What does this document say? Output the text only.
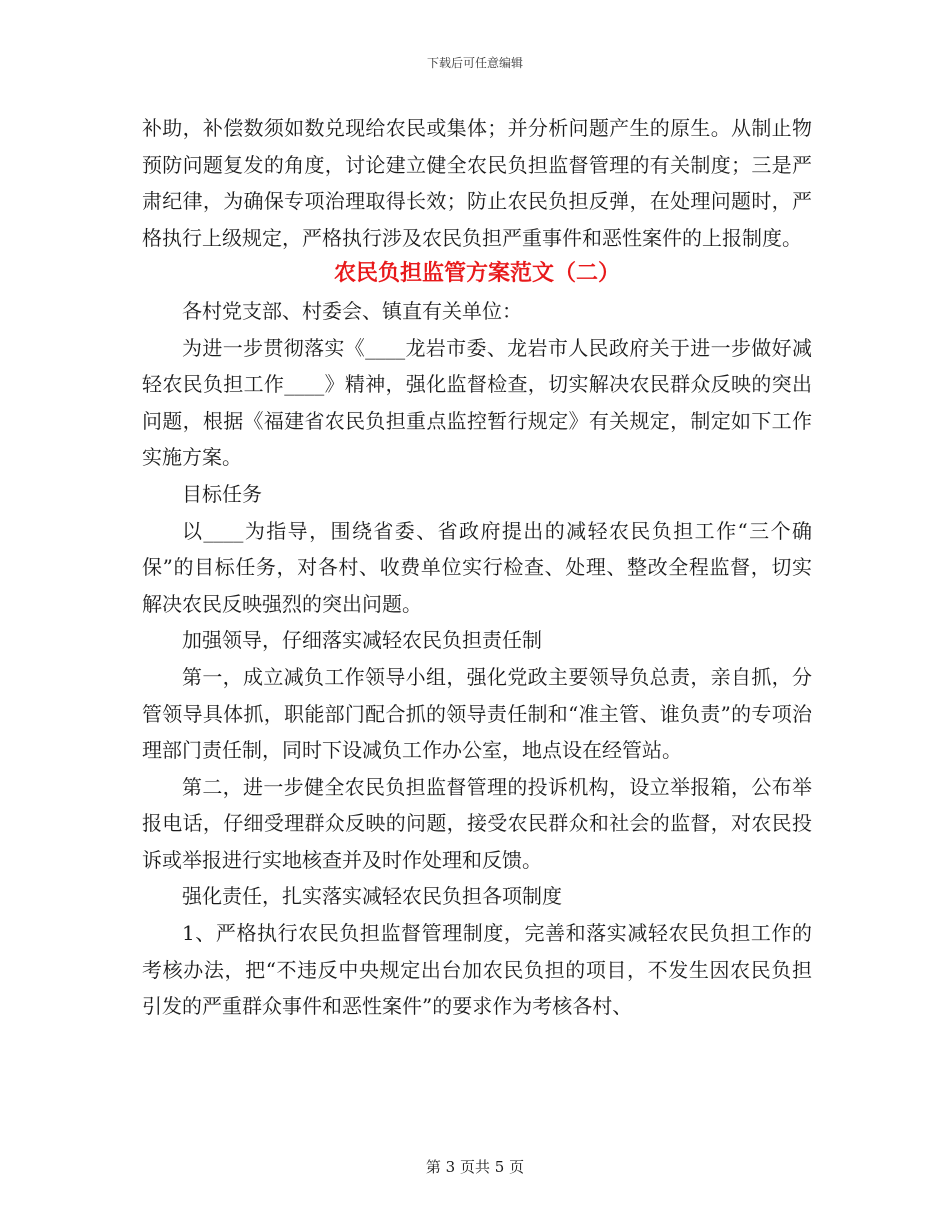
下载后可任意编辑

补助，补偿数须如数兑现给农民或集体；并分析问题产生的原生。从制止物预防问题复发的角度，讨论建立健全农民负担监督管理的有关制度；三是严肃纪律，为确保专项治理取得长效；防止农民负担反弹，在处理问题时，严格执行上级规定，严格执行涉及农民负担严重事件和恶性案件的上报制度。

农民负担监管方案范文（二）

各村党支部、村委会、镇直有关单位：

为进一步贯彻落实《____龙岩市委、龙岩市人民政府关于进一步做好减轻农民负担工作____》精神，强化监督检查，切实解决农民群众反映的突出问题，根据《福建省农民负担重点监控暂行规定》有关规定，制定如下工作实施方案。

目标任务

以____为指导，围绕省委、省政府提出的减轻农民负担工作“三个确保”的目标任务，对各村、收费单位实行检查、处理、整改全程监督，切实解决农民反映强烈的突出问题。

加强领导，仔细落实减轻农民负担责任制

第一，成立减负工作领导小组，强化党政主要领导负总责，亲自抓，分管领导具体抓，职能部门配合抓的领导责任制和“准主管、谁负责”的专项治理部门责任制，同时下设减负工作办公室，地点设在经管站。

第二，进一步健全农民负担监督管理的投诉机构，设立举报箱，公布举报电话，仔细受理群众反映的问题，接受农民群众和社会的监督，对农民投诉或举报进行实地核查并及时作处理和反馈。

强化责任，扎实落实减轻农民负担各项制度

1、严格执行农民负担监督管理制度，完善和落实减轻农民负担工作的考核办法，把“不违反中央规定出台加农民负担的项目，不发生因农民负担引发的严重群众事件和恶性案件”的要求作为考核各村、

第 3 页共 5 页
